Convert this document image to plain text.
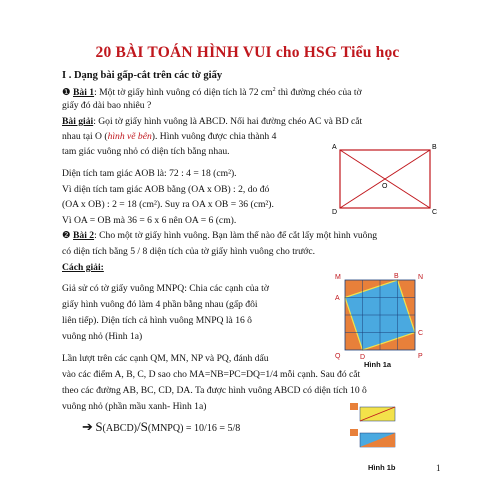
20 BÀI TOÁN HÌNH VUI cho HSG Tiểu học
I . Dạng bài gấp-cắt trên các tờ giấy
❶ Bài 1: Một tờ giấy hình vuông có diện tích là 72 $cm^2$ thì đường chéo của tờ
giấy đó dài bao nhiêu ?
Bài giải: Gọi tờ giấy hình vuông là ABCD. Nối hai đường chéo AC và BD cắt
nhau tại O (hình vẽ bên). Hình vuông được chia thành 4
tam giác vuông nhỏ có diện tích bằng nhau.
Diện tích tam giác AOB là: 72 : 4 = 18 (cm²).
Vì diện tích tam giác AOB bằng (OA x OB) : 2, do đó
(OA x OB) : 2 = 18 (cm²). Suy ra OA x OB = 36 (cm²).
Vì OA = OB mà 36 = 6 x 6 nên OA = 6 (cm).
A	B
C
D
O
❷ Bài 2: Cho một tờ giấy hình vuông. Bạn làm thế nào để cắt lấy một hình vuông
có diện tích bằng 5 / 8 diện tích của tờ giấy hình vuông cho trước.
Cách giải:
Giả sử có tờ giấy vuông MNPQ: Chia các cạnh của tờ
giấy hình vuông đó làm 4 phần bằng nhau (gấp đôi
liên tiếp). Diện tích cả hình vuông MNPQ là 16 ô
vuông nhỏ (Hình 1a)
Lần lượt trên các cạnh QM, MN, NP và PQ, đánh dấu
vào các điểm A, B, C, D sao cho MA=NB=PC=DQ=1/4 mỗi cạnh. Sau đó cắt
theo các đường AB, BC, CD, DA. Ta được hình vuông ABCD có diện tích 10 ô
vuông nhỏ (phần mầu xanh- Hình 1a)
➔ S(ABCD)/S(MNPQ) = 10/16 = 5/8
M	B	N
A
C
Q	D	P
Hình 1a
Hình 1b	1
